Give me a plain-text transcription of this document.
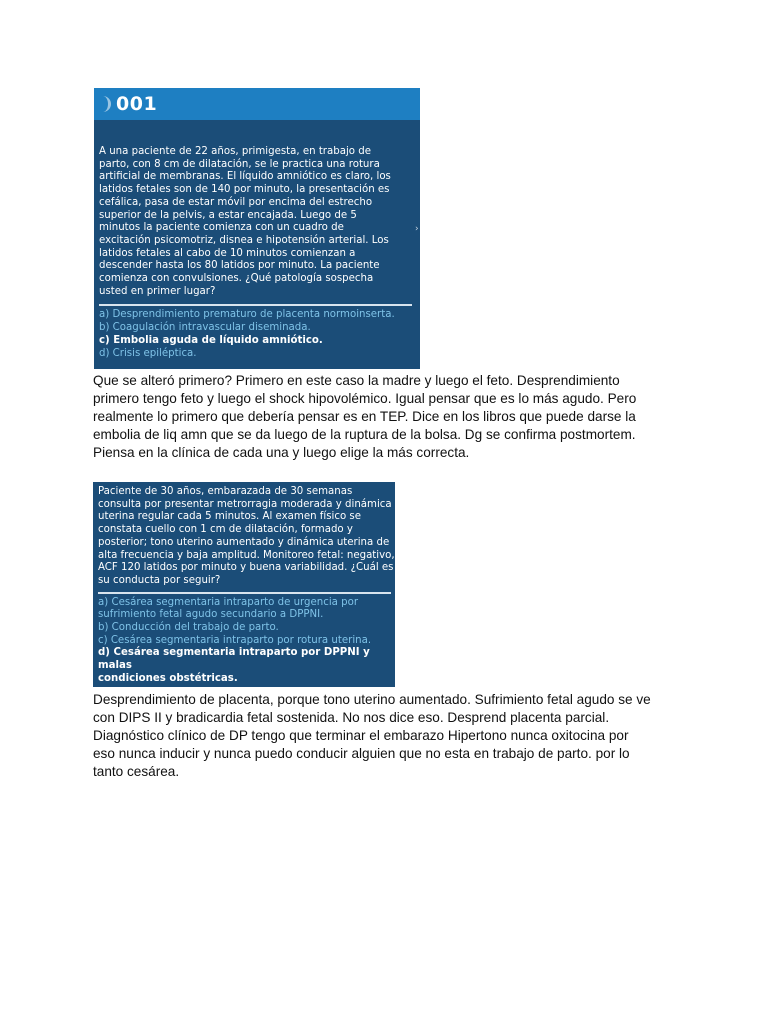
001

A una paciente de 22 años, primigesta, en trabajo de
parto, con 8 cm de dilatación, se le practica una rotura
artificial de membranas. El líquido amniótico es claro, los
latidos fetales son de 140 por minuto, la presentación es
cefálica, pasa de estar móvil por encima del estrecho
superior de la pelvis, a estar encajada. Luego de 5
minutos la paciente comienza con un cuadro de
excitación psicomotriz, disnea e hipotensión arterial. Los
latidos fetales al cabo de 10 minutos comienzan a
descender hasta los 80 latidos por minuto. La paciente
comienza con convulsiones. ¿Qué patología sospecha
usted en primer lugar?

a) Desprendimiento prematuro de placenta normoinserta.

b) Coagulación intravascular diseminada.

c) Embolia aguda de líquido amniótico.

d) Crisis epiléptica.

›

Que se alteró primero? Primero en este caso la madre y luego el feto. Desprendimiento
primero tengo feto y luego el shock hipovolémico. Igual pensar que es lo más agudo. Pero
realmente lo primero que debería pensar es en TEP. Dice en los libros que puede darse la
embolia de liq amn que se da luego de la ruptura de la bolsa. Dg se confirma postmortem.
Piensa en la clínica de cada una y luego elige la más correcta.

Paciente de 30 años, embarazada de 30 semanas
consulta por presentar metrorragia moderada y dinámica
uterina regular cada 5 minutos. Al examen físico se
constata cuello con 1 cm de dilatación, formado y
posterior; tono uterino aumentado y dinámica uterina de
alta frecuencia y baja amplitud. Monitoreo fetal: negativo,
ACF 120 latidos por minuto y buena variabilidad. ¿Cuál es
su conducta por seguir?

a) Cesárea segmentaria intraparto de urgencia por

sufrimiento fetal agudo secundario a DPPNI.

b) Conducción del trabajo de parto.

c) Cesárea segmentaria intraparto por rotura uterina.

d) Cesárea segmentaria intraparto por DPPNI y malas

condiciones obstétricas.

Desprendimiento de placenta, porque tono uterino aumentado. Sufrimiento fetal agudo se ve
con DIPS II y bradicardia fetal sostenida. No nos dice eso. Desprend placenta parcial.
Diagnóstico clínico de DP tengo que terminar el embarazo Hipertono nunca oxitocina por
eso nunca inducir y nunca puedo conducir alguien que no esta en trabajo de parto. por lo
tanto cesárea.
